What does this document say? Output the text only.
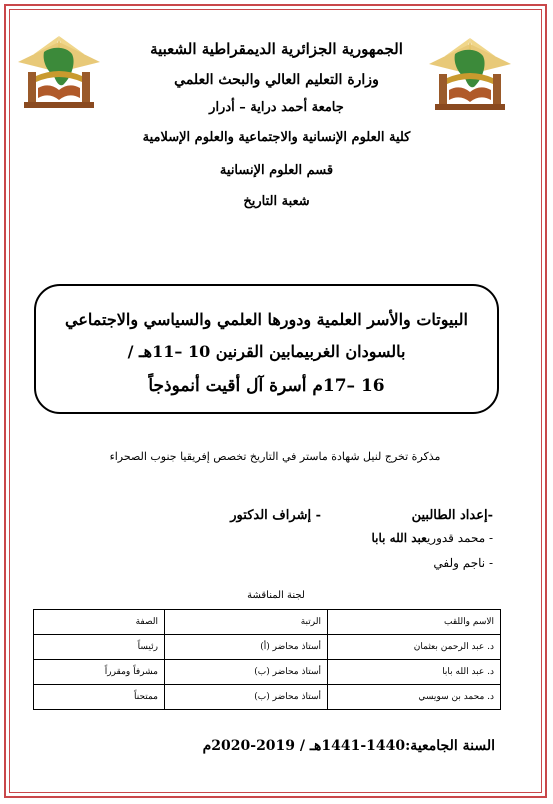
الجمهورية الجزائرية الديمقراطية الشعبية
وزارة التعليم العالي والبحث العلمي
جامعة أحمد دراية – أدرار
كلية العلوم الإنسانية والاجتماعية والعلوم الإسلامية
قسم العلوم الإنسانية
شعبة التاريخ
البيوتات والأسر العلمية ودورها العلمي والسياسي والاجتماعي
بالسودان الغربيمابين القرنين 10 –11هـ /
16 –17م أسرة آل أقيت أنموذجاً
مذكرة تخرج لنيل شهادة ماستر في التاريخ تخصص إفريقيا جنوب الصحراء
-إعداد الطالبين
- إشراف الدكتور
- محمد قدوريعبد الله بابا
- ناجم ولفي
لجنة المناقشة
الاسم واللقب	الرتبة	الصفة
د. عبد الرحمن بعثمان	أستاذ محاضر (أ)	رئيساً
د. عبد الله بابا	أستاذ محاضر (ب)	مشرفاً ومقرراً
د. محمد بن سويسي	أستاذ محاضر (ب)	ممتحناً
السنة الجامعية:1440-1441هـ / 2019-2020م
